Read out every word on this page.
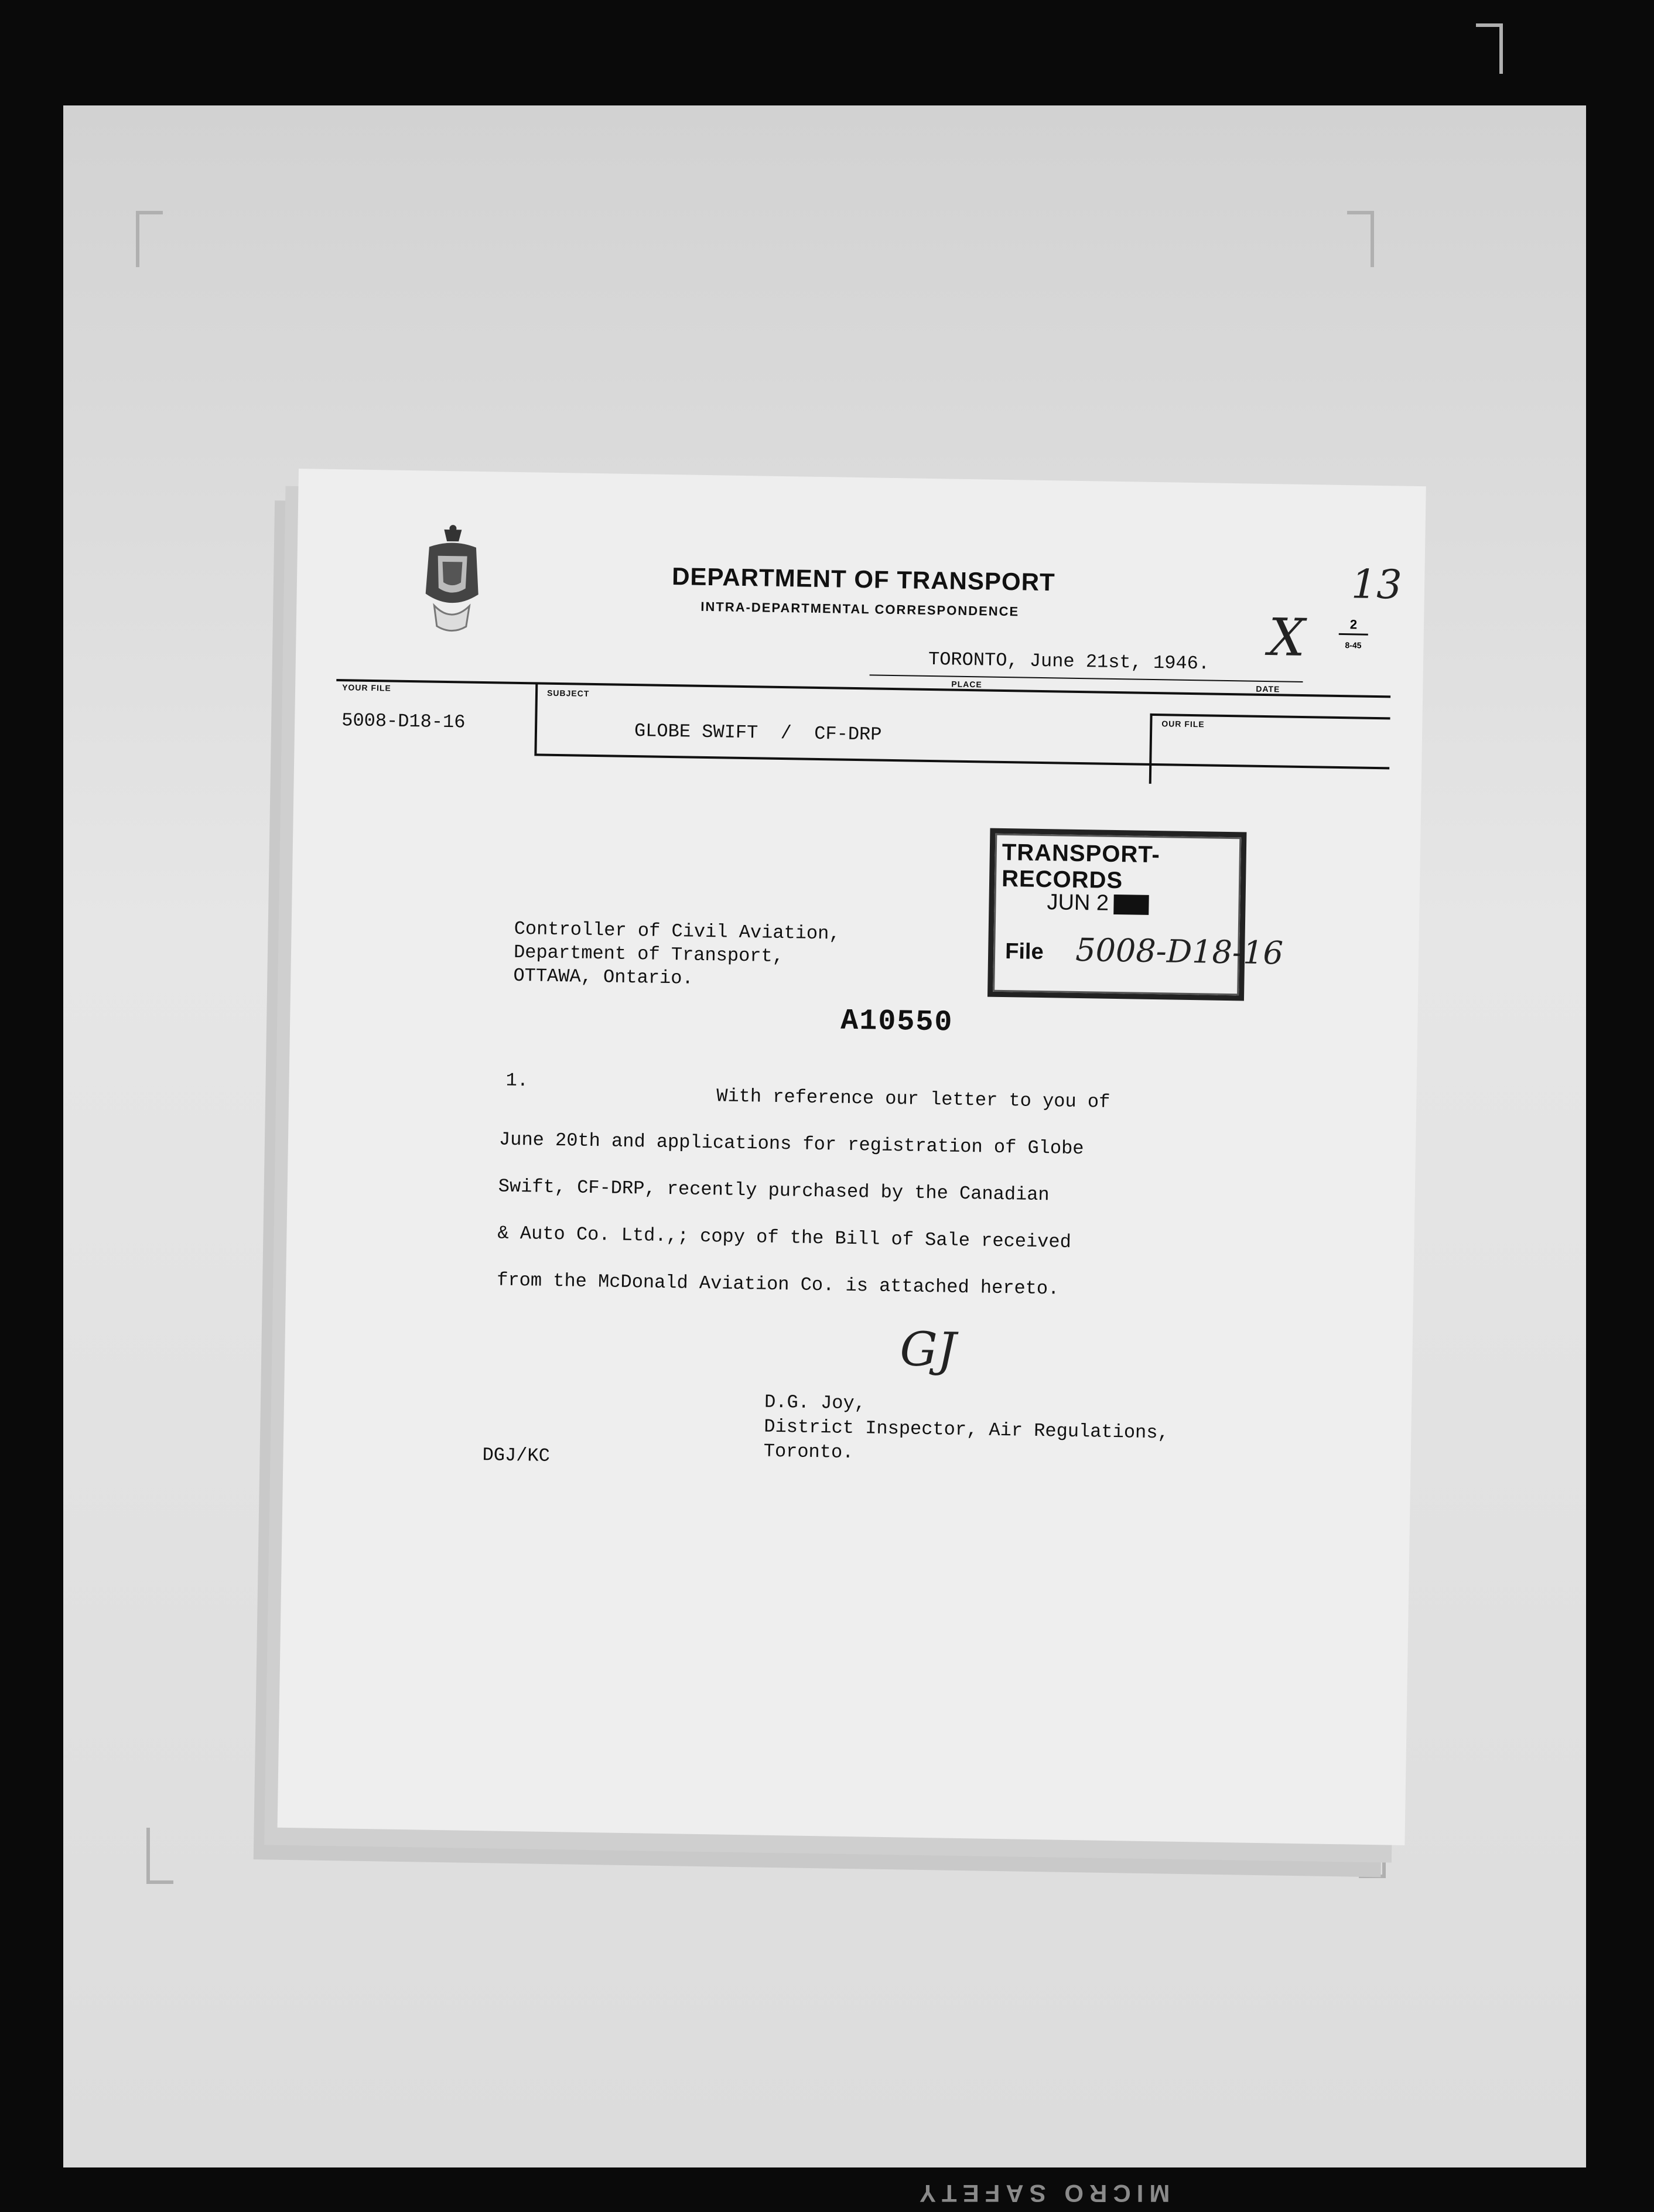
DEPARTMENT OF TRANSPORT
INTRA-DEPARTMENTAL CORRESPONDENCE
13
X	2
8-45
TORONTO, June 21st, 1946.
PLACE	DATE
YOUR FILE
SUBJECT
5008-D18-16	GLOBE SWIFT  /  CF-DRP	OUR FILE
TRANSPORT-RECORDS
JUN 2
File 5008-D18-16
Controller of Civil Aviation,
Department of Transport,
OTTAWA, Ontario.
A10550
1.
With reference our letter to you of
June 20th and applications for registration of Globe
Swift, CF-DRP, recently purchased by the Canadian
& Auto Co. Ltd.,; copy of the Bill of Sale received
from the McDonald Aviation Co. is attached hereto.
GJ
D.G. Joy,
District Inspector, Air Regulations,
Toronto.
DGJ/KC
MICRO SAFETY
